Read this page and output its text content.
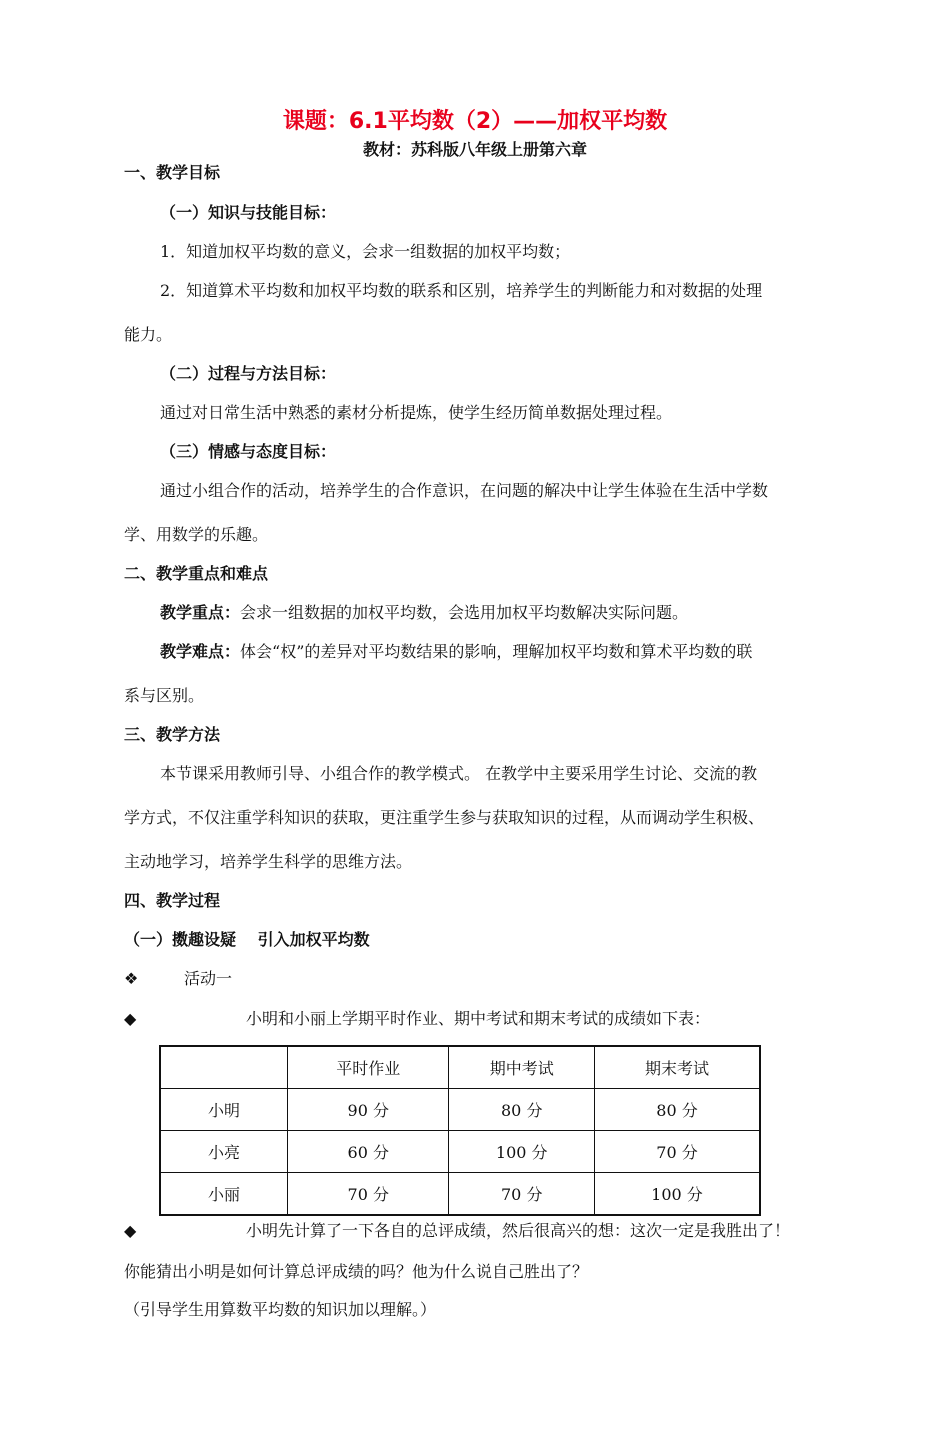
课题：6.1平均数（2）——加权平均数
教材：苏科版八年级上册第六章
一、教学目标
（一）知识与技能目标：
1．知道加权平均数的意义，会求一组数据的加权平均数；
2．知道算术平均数和加权平均数的联系和区别，培养学生的判断能力和对数据的处理
能力。
（二）过程与方法目标：
通过对日常生活中熟悉的素材分析提炼，使学生经历简单数据处理过程。
（三）情感与态度目标：
通过小组合作的活动，培养学生的合作意识，在问题的解决中让学生体验在生活中学数
学、用数学的乐趣。
二、教学重点和难点
教学重点：会求一组数据的加权平均数，会选用加权平均数解决实际问题。
教学难点：体会“权”的差异对平均数结果的影响，理解加权平均数和算术平均数的联
系与区别。
三、教学方法
本节课采用教师引导、小组合作的教学模式。 在教学中主要采用学生讨论、交流的教
学方式，不仅注重学科知识的获取，更注重学生参与获取知识的过程，从而调动学生积极、
主动地学习，培养学生科学的思维方法。
四、教学过程
（一）擞趣设疑　 引入加权平均数
❖	活动一
◆	小明和小丽上学期平时作业、期中考试和期末考试的成绩如下表：
	平时作业	期中考试	期末考试
小明	90 分	80 分	80 分
小亮	60 分	100 分	70 分
小丽	70 分	70 分	100 分
◆	小明先计算了一下各自的总评成绩，然后很高兴的想：这次一定是我胜出了！
你能猜出小明是如何计算总评成绩的吗？他为什么说自己胜出了？
（引导学生用算数平均数的知识加以理解。）
